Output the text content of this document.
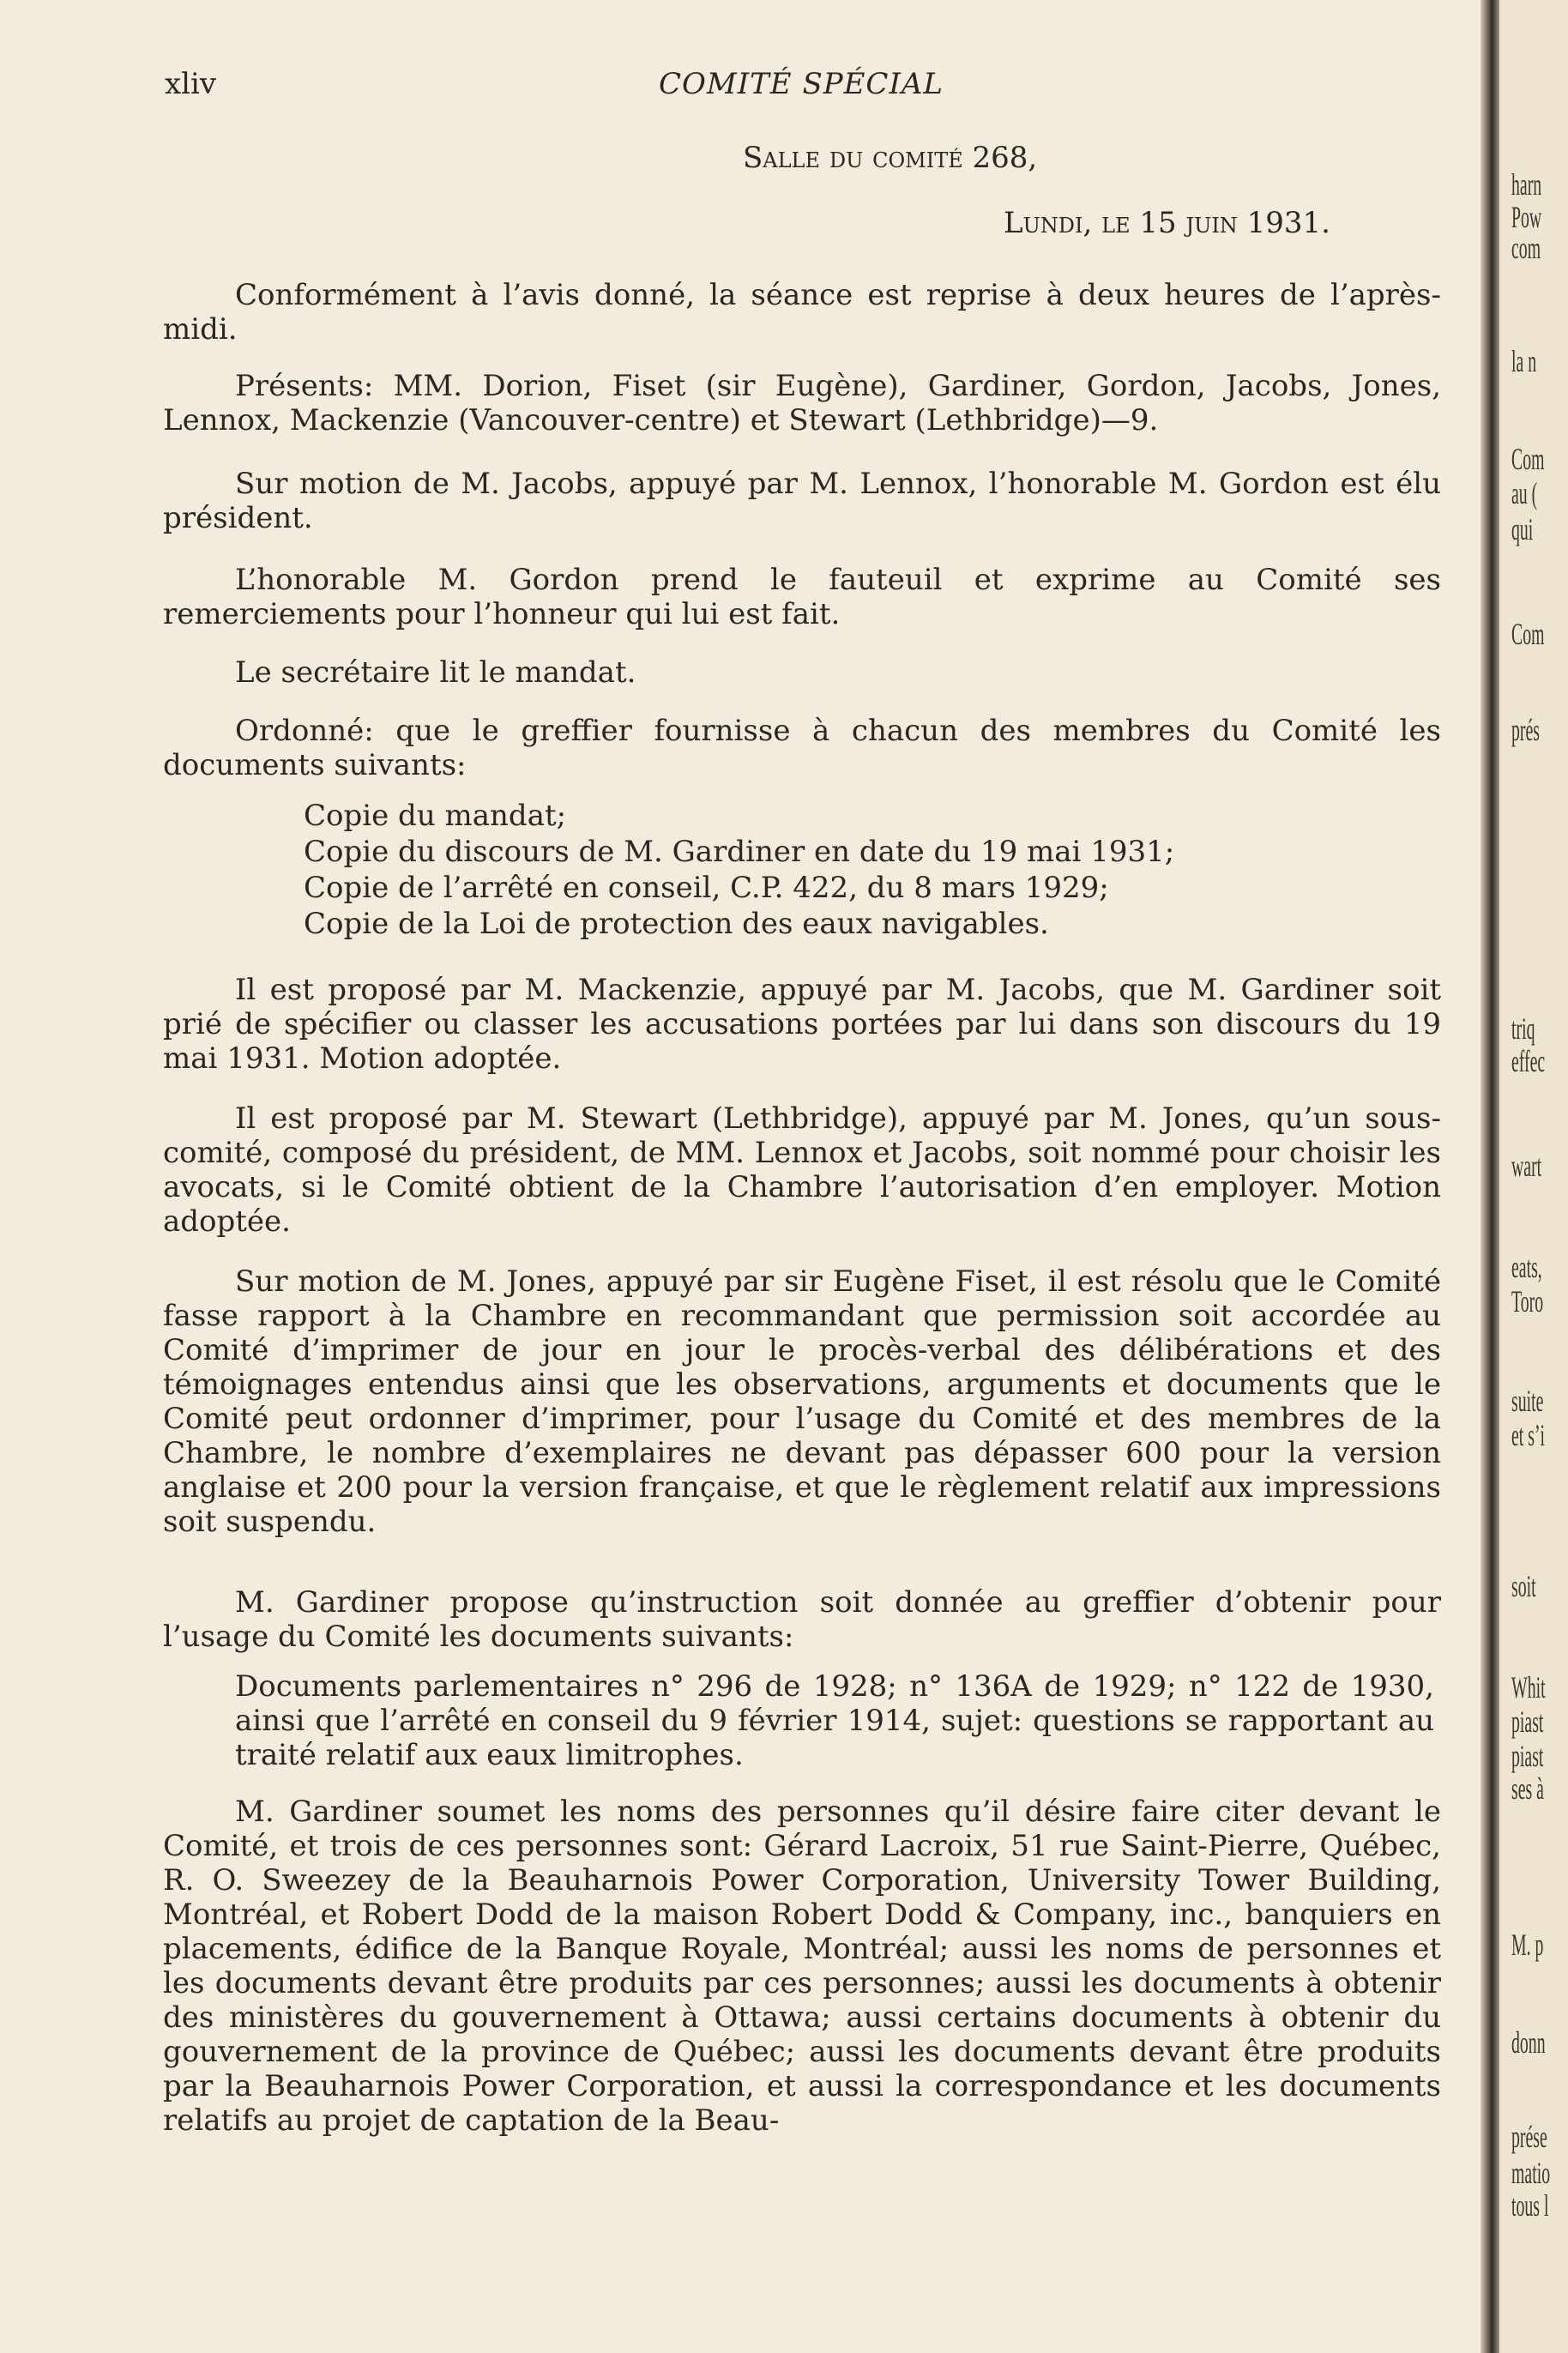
xliv	COMITÉ SPÉCIAL
Salle du comité 268,
Lundi, le 15 juin 1931.

Conformément à l’avis donné, la séance est reprise à deux heures de l’après-midi.

Présents: MM. Dorion, Fiset (sir Eugène), Gardiner, Gordon, Jacobs, Jones, Lennox, Mackenzie (Vancouver-centre) et Stewart (Lethbridge)—9.

Sur motion de M. Jacobs, appuyé par M. Lennox, l’honorable M. Gordon est élu président.

L’honorable M. Gordon prend le fauteuil et exprime au Comité ses remerciements pour l’honneur qui lui est fait.

Le secrétaire lit le mandat.

Ordonné: que le greffier fournisse à chacun des membres du Comité les documents suivants:

Copie du mandat;
Copie du discours de M. Gardiner en date du 19 mai 1931;
Copie de l’arrêté en conseil, C.P. 422, du 8 mars 1929;
Copie de la Loi de protection des eaux navigables.

Il est proposé par M. Mackenzie, appuyé par M. Jacobs, que M. Gardiner soit prié de spécifier ou classer les accusations portées par lui dans son discours du 19 mai 1931. Motion adoptée.

Il est proposé par M. Stewart (Lethbridge), appuyé par M. Jones, qu’un sous-comité, composé du président, de MM. Lennox et Jacobs, soit nommé pour choisir les avocats, si le Comité obtient de la Chambre l’autorisation d’en employer. Motion adoptée.

Sur motion de M. Jones, appuyé par sir Eugène Fiset, il est résolu que le Comité fasse rapport à la Chambre en recommandant que permission soit accordée au Comité d’imprimer de jour en jour le procès-verbal des délibérations et des témoignages entendus ainsi que les observations, arguments et documents que le Comité peut ordonner d’imprimer, pour l’usage du Comité et des membres de la Chambre, le nombre d’exemplaires ne devant pas dépasser 600 pour la version anglaise et 200 pour la version française, et que le règlement relatif aux impressions soit suspendu.

M. Gardiner propose qu’instruction soit donnée au greffier d’obtenir pour l’usage du Comité les documents suivants:

Documents parlementaires n° 296 de 1928; n° 136A de 1929; n° 122 de 1930, ainsi que l’arrêté en conseil du 9 février 1914, sujet: questions se rapportant au traité relatif aux eaux limitrophes.

M. Gardiner soumet les noms des personnes qu’il désire faire citer devant le Comité, et trois de ces personnes sont: Gérard Lacroix, 51 rue Saint-Pierre, Québec, R. O. Sweezey de la Beauharnois Power Corporation, University Tower Building, Montréal, et Robert Dodd de la maison Robert Dodd & Company, inc., banquiers en placements, édifice de la Banque Royale, Montréal; aussi les noms de personnes et les documents devant être produits par ces personnes; aussi les documents à obtenir des ministères du gouvernement à Ottawa; aussi certains documents à obtenir du gouvernement de la province de Québec; aussi les documents devant être produits par la Beauharnois Power Corporation, et aussi la correspondance et les documents relatifs au projet de captation de la Beau-

harn
Pow
com
la n
Com
au (
qui
Com
prés
triq
effec
wart
eats,
Toro
suite
et s’i
soit
Whit
piast
piast
ses à
M. p
donn
prése
matio
tous l
